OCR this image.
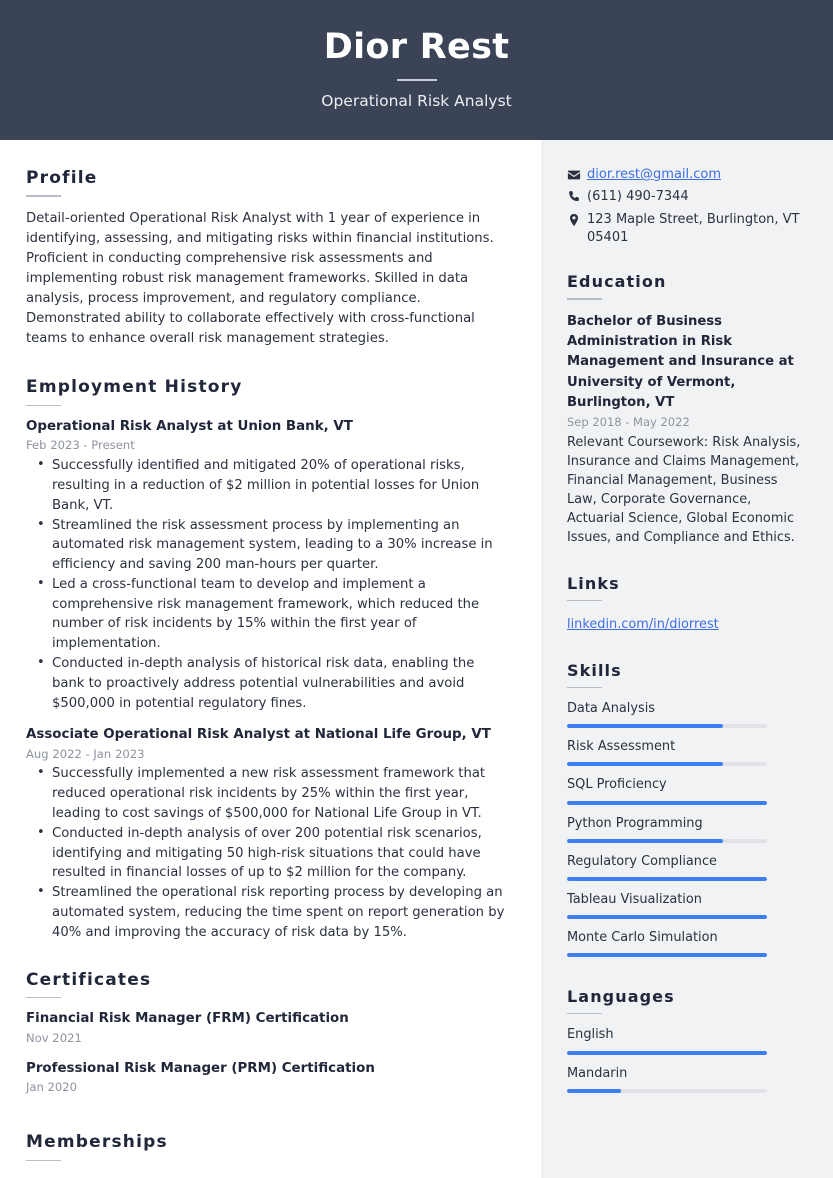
Dior Rest
Operational Risk Analyst
Profile

Detail-oriented Operational Risk Analyst with 1 year of experience in identifying, assessing, and mitigating risks within financial institutions. Proficient in conducting comprehensive risk assessments and implementing robust risk management frameworks. Skilled in data analysis, process improvement, and regulatory compliance. Demonstrated ability to collaborate effectively with cross-functional teams to enhance overall risk management strategies.

Employment History
Operational Risk Analyst at Union Bank, VT
Feb 2023 - Present
• Successfully identified and mitigated 20% of operational risks, resulting in a reduction of $2 million in potential losses for Union Bank, VT.
• Streamlined the risk assessment process by implementing an automated risk management system, leading to a 30% increase in efficiency and saving 200 man-hours per quarter.
• Led a cross-functional team to develop and implement a comprehensive risk management framework, which reduced the number of risk incidents by 15% within the first year of implementation.
• Conducted in-depth analysis of historical risk data, enabling the bank to proactively address potential vulnerabilities and avoid $500,000 in potential regulatory fines.
Associate Operational Risk Analyst at National Life Group, VT
Aug 2022 - Jan 2023
• Successfully implemented a new risk assessment framework that reduced operational risk incidents by 25% within the first year, leading to cost savings of $500,000 for National Life Group in VT.
• Conducted in-depth analysis of over 200 potential risk scenarios, identifying and mitigating 50 high-risk situations that could have resulted in financial losses of up to $2 million for the company.
• Streamlined the operational risk reporting process by developing an automated system, reducing the time spent on report generation by 40% and improving the accuracy of risk data by 15%.
Certificates
Financial Risk Manager (FRM) Certification
Nov 2021
Professional Risk Manager (PRM) Certification
Jan 2020
Memberships
dior.rest@gmail.com
(611) 490-7344
123 Maple Street, Burlington, VT 05401
Education
Bachelor of Business Administration in Risk Management and Insurance at University of Vermont, Burlington, VT
Sep 2018 - May 2022
Relevant Coursework: Risk Analysis, Insurance and Claims Management, Financial Management, Business Law, Corporate Governance, Actuarial Science, Global Economic Issues, and Compliance and Ethics.
Links
linkedin.com/in/diorrest
Skills
Data Analysis
Risk Assessment
SQL Proficiency
Python Programming
Regulatory Compliance
Tableau Visualization
Monte Carlo Simulation
Languages
English
Mandarin
